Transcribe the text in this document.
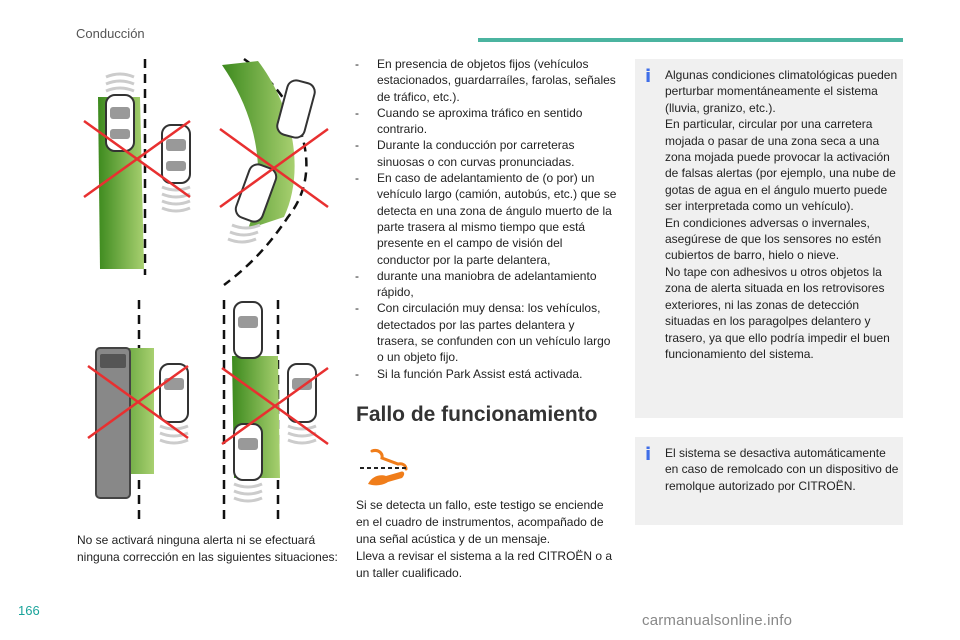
Conducción
No se activará ninguna alerta ni se efectuará ninguna corrección en las siguientes situaciones:
- En presencia de objetos fijos (vehículos estacionados, guardarraíles, farolas, señales de tráfico, etc.).
- Cuando se aproxima tráfico en sentido contrario.
- Durante la conducción por carreteras sinuosas o con curvas pronunciadas.
- En caso de adelantamiento de (o por) un vehículo largo (camión, autobús, etc.) que se detecta en una zona de ángulo muerto de la parte trasera al mismo tiempo que está presente en el campo de visión del conductor por la parte delantera,
- durante una maniobra de adelantamiento rápido,
- Con circulación muy densa: los vehículos, detectados por las partes delantera y trasera, se confunden con un vehículo largo o un objeto fijo.
- Si la función Park Assist está activada.
Fallo de funcionamiento
Si se detecta un fallo, este testigo se enciende en el cuadro de instrumentos, acompañado de una señal acústica y de un mensaje.
Lleva a revisar el sistema a la red CITROËN o a un taller cualificado.
i Algunas condiciones climatológicas pueden perturbar momentáneamente el sistema (lluvia, granizo, etc.).

En particular, circular por una carretera mojada o pasar de una zona seca a una zona mojada puede provocar la activación de falsas alertas (por ejemplo, una nube de gotas de agua en el ángulo muerto puede ser interpretada como un vehículo).

En condiciones adversas o invernales, asegúrese de que los sensores no estén cubiertos de barro, hielo o nieve.

No tape con adhesivos u otros objetos la zona de alerta situada en los retrovisores exteriores, ni las zonas de detección situadas en los paragolpes delantero y trasero, ya que ello podría impedir el buen funcionamiento del sistema.

i El sistema se desactiva automáticamente en caso de remolcado con un dispositivo de remolque autorizado por CITROËN.

166
carmanualsonline.info
